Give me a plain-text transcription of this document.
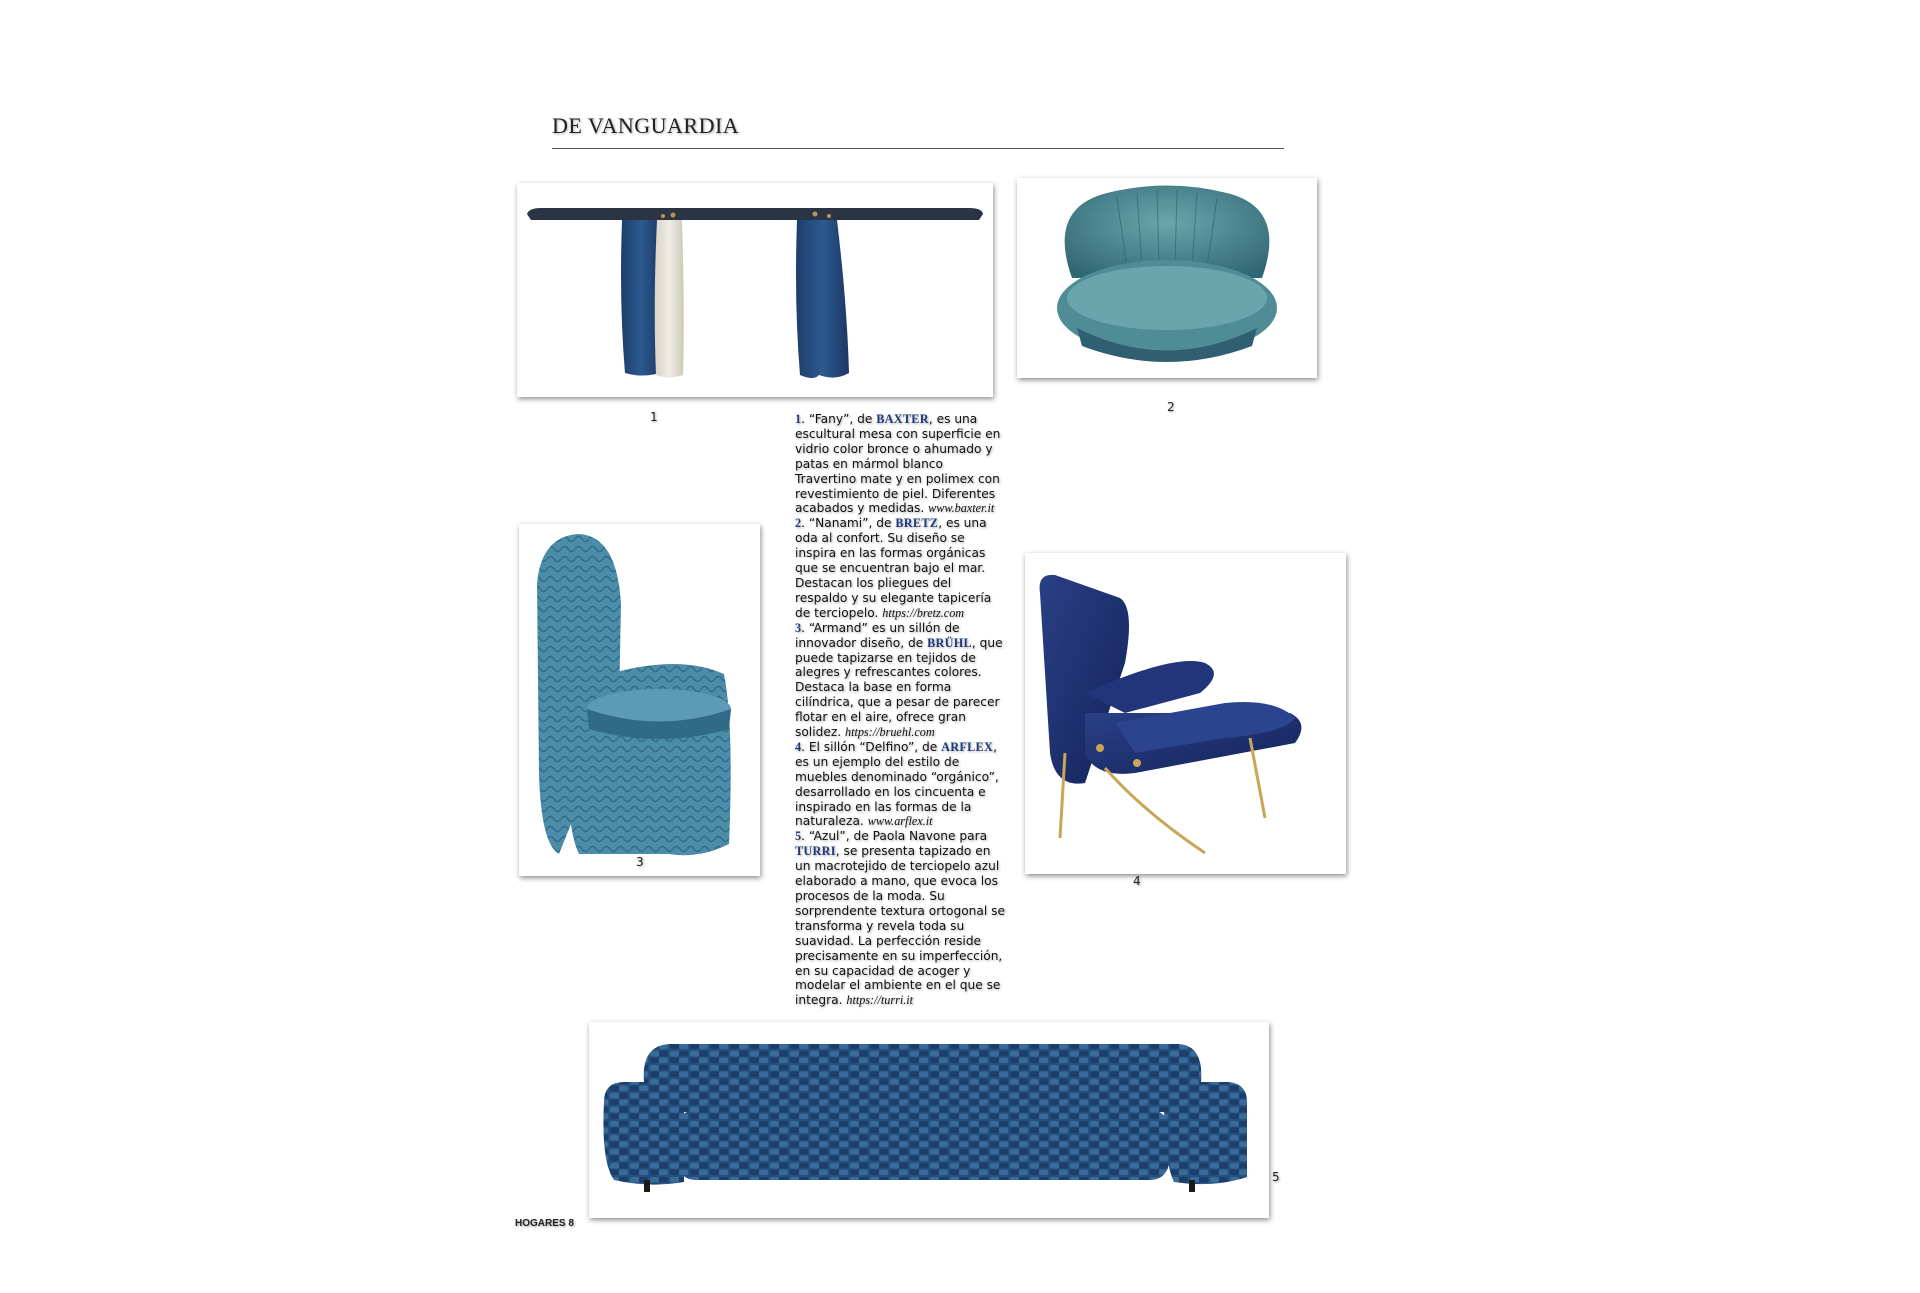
DE VANGUARDIA
1
2
3
4
1. “Fany”, de BAXTER, es una escultural mesa con superficie en vidrio color bronce o ahumado y patas en mármol blanco Travertino mate y en polimex con revestimiento de piel. Diferentes acabados y medidas. www.baxter.it
2. “Nanami”, de BRETZ, es una oda al confort. Su diseño se inspira en las formas orgánicas que se encuentran bajo el mar. Destacan los pliegues del respaldo y su elegante tapicería de terciopelo. https://bretz.com
3. “Armand” es un sillón de innovador diseño, de BRÜHL, que puede tapizarse en tejidos de alegres y refrescantes colores. Destaca la base en forma cilíndrica, que a pesar de parecer flotar en el aire, ofrece gran solidez. https://bruehl.com
4. El sillón “Delfino”, de ARFLEX, es un ejemplo del estilo de muebles denominado “orgánico”, desarrollado en los cincuenta e inspirado en las formas de la naturaleza. www.arflex.it
5. “Azul”, de Paola Navone para TURRI, se presenta tapizado en un macrotejido de terciopelo azul elaborado a mano, que evoca los procesos de la moda. Su sorprendente textura ortogonal se transforma y revela toda su suavidad. La perfección reside precisamente en su imperfección, en su capacidad de acoger y modelar el ambiente en el que se integra. https://turri.it
5
HOGARES 8
